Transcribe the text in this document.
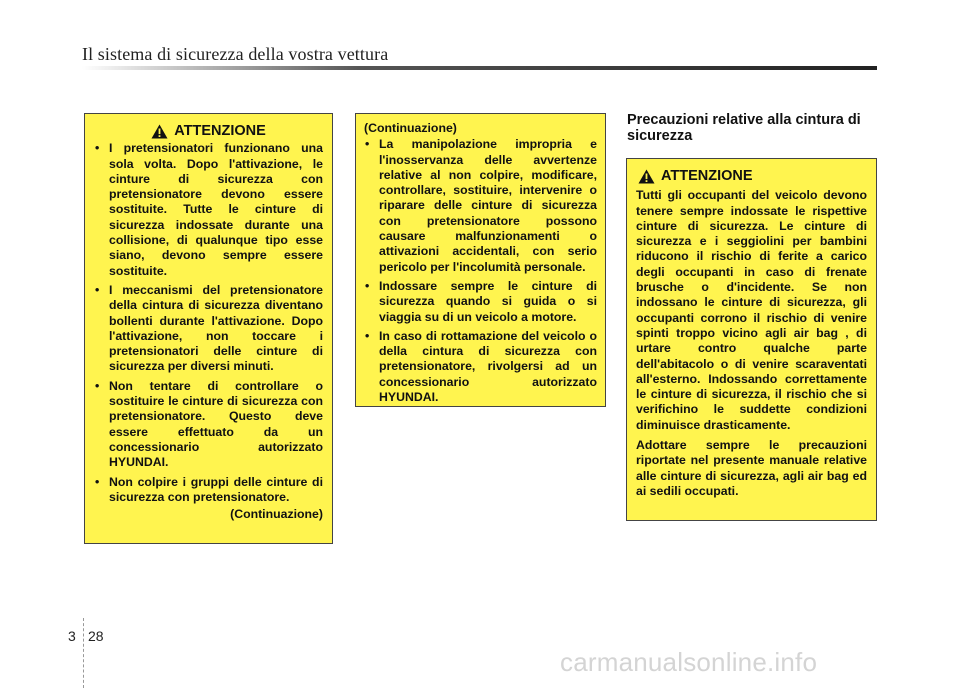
Il sistema di sicurezza della vostra vettura
ATTENZIONE
• I pretensionatori funzionano una sola volta. Dopo l'attivazione, le cinture di sicurezza con pretensionatore devono essere sostituite. Tutte le cinture di sicurezza indossate durante una collisione, di qualunque tipo esse siano, devono sempre essere sostituite.
• I meccanismi del pretensionatore della cintura di sicurezza diventano bollenti durante l'attivazione. Dopo l'attivazione, non toccare i pretensionatori delle cinture di sicurezza per diversi minuti.
• Non tentare di controllare o sostituire le cinture di sicurezza con pretensionatore. Questo deve essere effettuato da un concessionario autorizzato HYUNDAI.
• Non colpire i gruppi delle cinture di sicurezza con pretensionatore.
(Continuazione)
(Continuazione)
• La manipolazione impropria e l'inosservanza delle avvertenze relative al non colpire, modificare, controllare, sostituire, intervenire o riparare delle cinture di sicurezza con pretensionatore possono causare malfunzionamenti o attivazioni accidentali, con serio pericolo per l'incolumità personale.
• Indossare sempre le cinture di sicurezza quando si guida o si viaggia su di un veicolo a motore.
• In caso di rottamazione del veicolo o della cintura di sicurezza con pretensionatore, rivolgersi ad un concessionario autorizzato HYUNDAI.
Precauzioni relative alla cintura di sicurezza
ATTENZIONE

Tutti gli occupanti del veicolo devono tenere sempre indossate le rispettive cinture di sicurezza. Le cinture di sicurezza e i seggiolini per bambini riducono il rischio di ferite a carico degli occupanti in caso di frenate brusche o d'incidente. Se non indossano le cinture di sicurezza, gli occupanti corrono il rischio di venire spinti troppo vicino agli air bag , di urtare contro qualche parte dell'abitacolo o di venire scaraventati all'esterno. Indossando correttamente le cinture di sicurezza, il rischio che si verifichino le suddette condizioni diminuisce drasticamente.

Adottare sempre le precauzioni riportate nel presente manuale relative alle cinture di sicurezza, agli air bag ed ai sedili occupati.

3 28
carmanualsonline.info
